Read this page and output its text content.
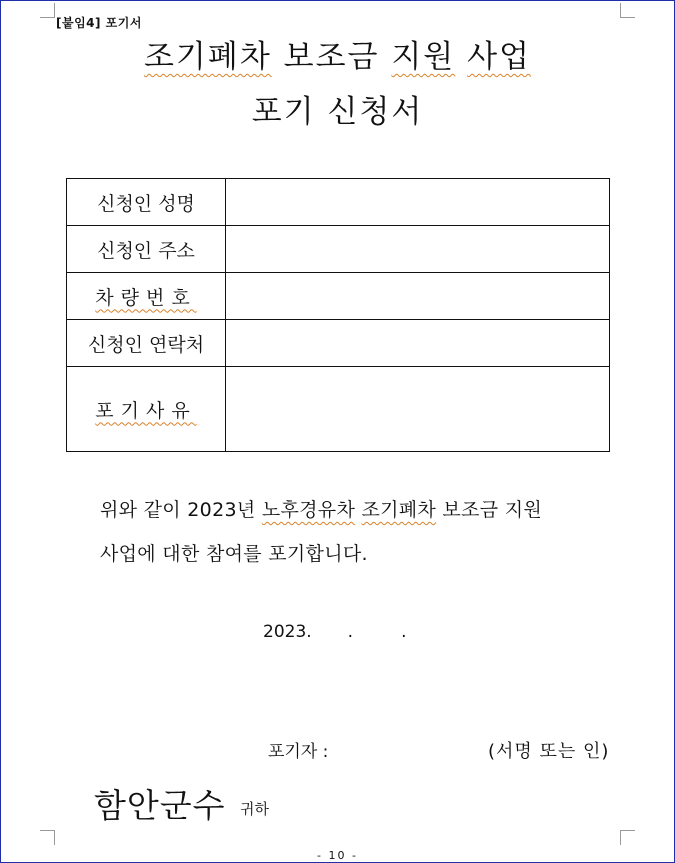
[붙임4] 포기서
조기폐차 보조금 지원 사업
포기 신청서
신청인 성명	
신청인 주소	
차량번호	
신청인 연락처	
포기사유	
위와 같이 2023년 노후경유차 조기폐차 보조금 지원
사업에 대한 참여를 포기합니다.
2023. .	.
포기자 :	(서명 또는 인)
함안군수 귀하
- 10 -
